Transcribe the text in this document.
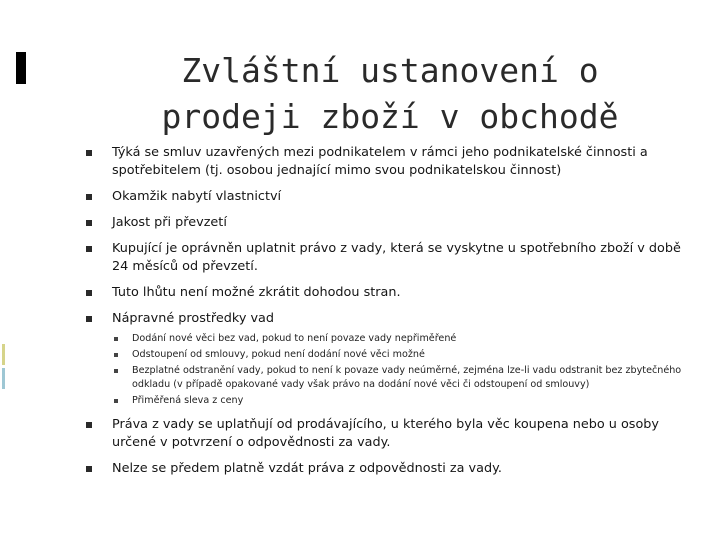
Zvláštní ustanovení o
prodeji zboží v obchodě
Týká se smluv uzavřených mezi podnikatelem v rámci jeho podnikatelské činnosti a spotřebitelem (tj. osobou jednající mimo svou podnikatelskou činnost)
Okamžik nabytí vlastnictví
Jakost při převzetí
Kupující je oprávněn uplatnit právo z vady, která se vyskytne u spotřebního zboží v době 24 měsíců od převzetí.
Tuto lhůtu není možné zkrátit dohodou stran.
Nápravné prostředky vad
Dodání nové věci bez vad, pokud to není povaze vady nepřiměřené
Odstoupení od smlouvy, pokud není dodání nové věci možné
Bezplatné odstranění vady, pokud to není k povaze vady neúměrné, zejména lze-li vadu odstranit bez zbytečného odkladu (v případě opakované vady však právo na dodání nové věci či odstoupení od smlouvy)
Přiměřená sleva z ceny
Práva z vady se uplatňují od prodávajícího, u kterého byla věc koupena nebo u osoby určené v potvrzení o odpovědnosti za vady.
Nelze se předem platně vzdát práva z odpovědnosti za vady.
